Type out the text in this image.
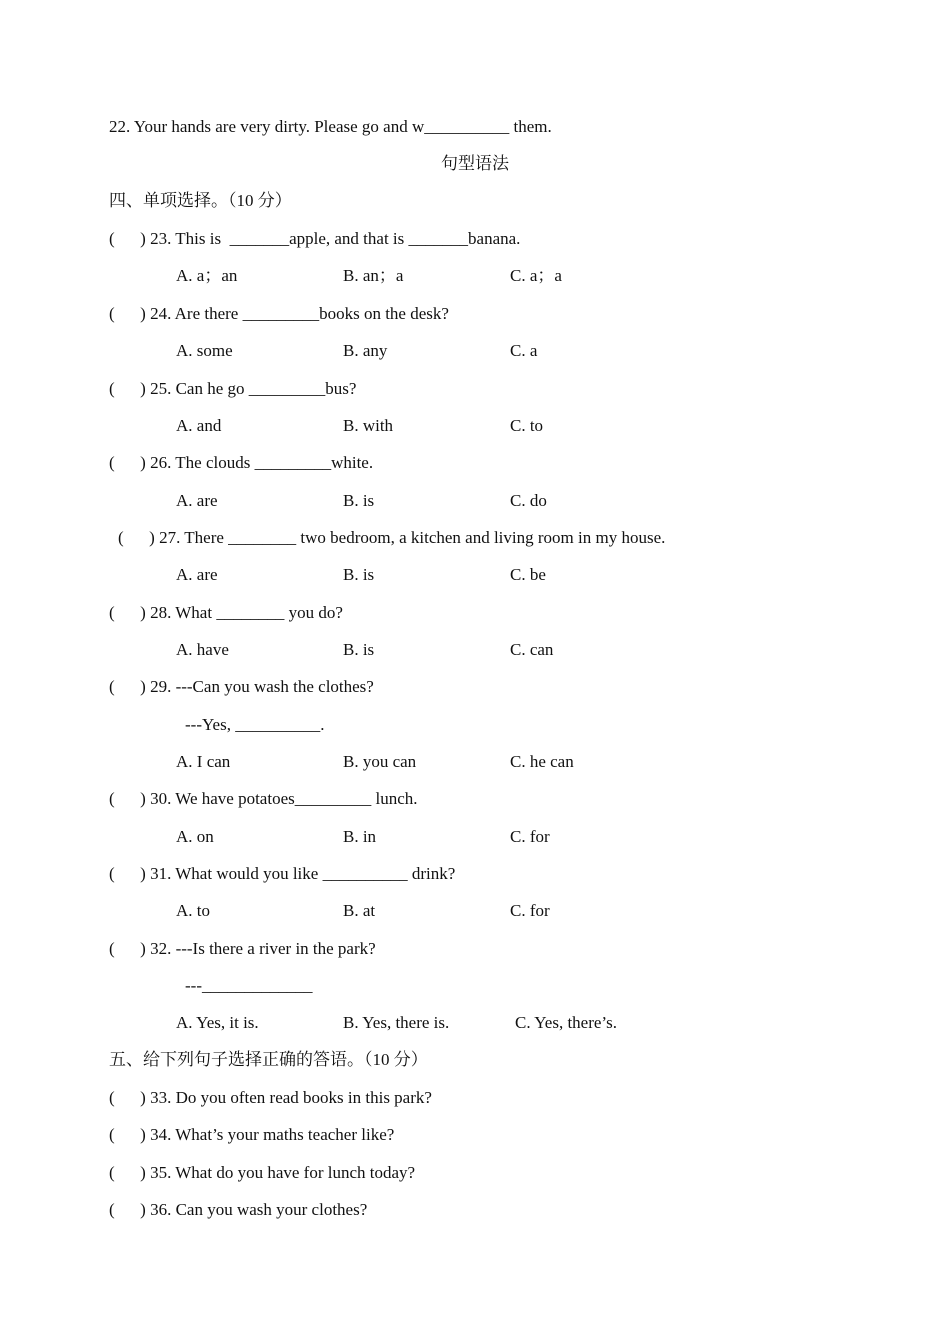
22. Your hands are very dirty. Please go and w__________ them.
句型语法
四、单项选择。（10 分）
(      ) 23. This is  _______apple, and that is _______banana.
A. a；an	B. an；a	C. a；a
(      ) 24. Are there _________books on the desk?
A. some	B. any	C. a
(      ) 25. Can he go _________bus?
A. and	B. with	C. to
(      ) 26. The clouds _________white.
A. are	B. is	C. do
(      ) 27. There ________ two bedroom, a kitchen and living room in my house.
A. are	B. is	C. be
(      ) 28. What ________ you do?
A. have	B. is	C. can
(      ) 29. ---Can you wash the clothes?
---Yes, __________.
A. I can	B. you can	C. he can
(      ) 30. We have potatoes_________ lunch.
A. on	B. in	C. for
(      ) 31. What would you like __________ drink?
A. to	B. at	C. for
(      ) 32. ---Is there a river in the park?
---_____________
A. Yes, it is.	B. Yes, there is.	C. Yes, there’s.
五、给下列句子选择正确的答语。（10 分）
(      ) 33. Do you often read books in this park?
(      ) 34. What’s your maths teacher like?
(      ) 35. What do you have for lunch today?
(      ) 36. Can you wash your clothes?
